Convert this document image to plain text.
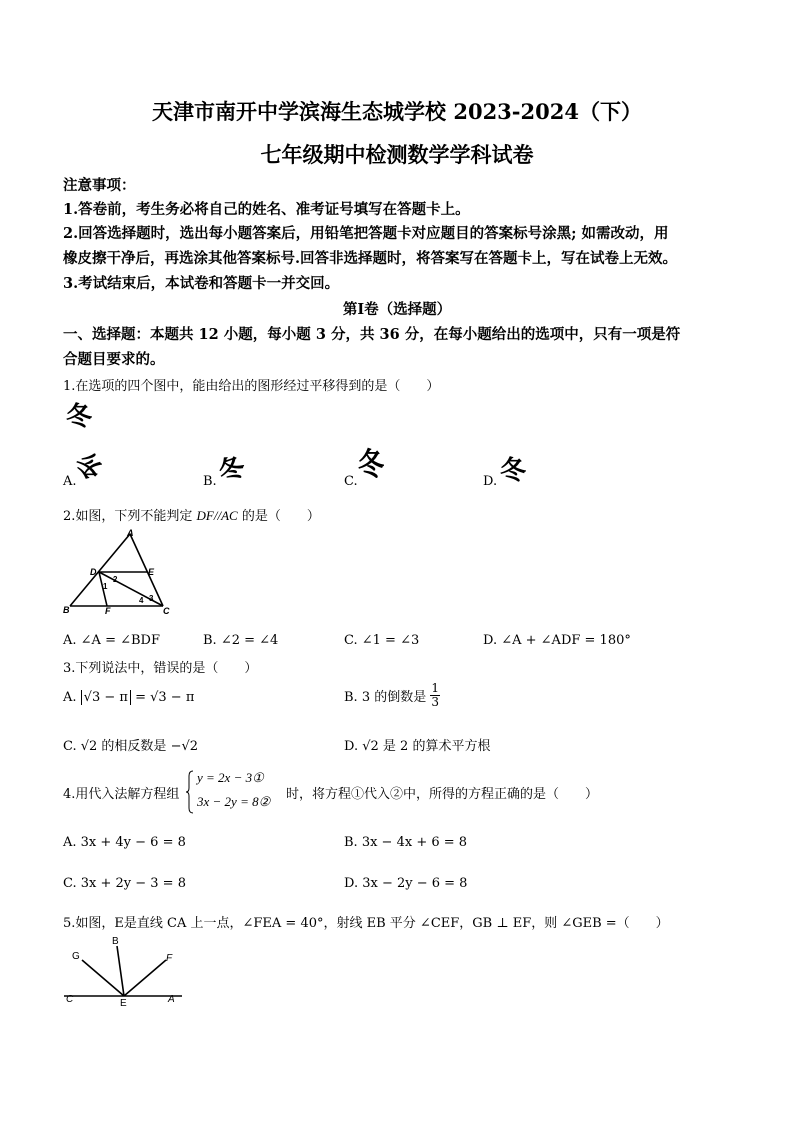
天津市南开中学滨海生态城学校 2023-2024（下）
七年级期中检测数学学科试卷
注意事项：
1.答卷前，考生务必将自己的姓名、准考证号填写在答题卡上。
2.回答选择题时，选出每小题答案后，用铅笔把答题卡对应题目的答案标号涂黑; 如需改动，用
橡皮擦干净后，再选涂其他答案标号.回答非选择题时，将答案写在答题卡上，写在试卷上无效。
3.考试结束后，本试卷和答题卡一并交回。
第Ⅰ卷（选择题）
一、选择题：本题共 12 小题，每小题 3 分，共 36 分，在每小题给出的选项中，只有一项是符
合题目要求的。
1.在选项的四个图中，能由给出的图形经过平移得到的是（　　）
冬
A.
冬
B.
冬	C. 冬	D. 冬
2.如图，下列不能判定 DF//AC 的是（　　）
A
D	E
B	F	C
1
2
3
4
A. ∠A = ∠BDF	B. ∠2 = ∠4	C. ∠1 = ∠3	D. ∠A + ∠ADF = 180°
3.下列说法中，错误的是（　　）
A. √3 − π = √3 − π	B. 3 的倒数是 $\frac{1}{3}$
C. √2 的相反数是 −√2	D. √2 是 2 的算术平方根
4.用代入法解方程组
y = 2x − 3①
3x − 2y = 8② 时，将方程①代入②中，所得的方程正确的是（　　）
A. 3x + 4y − 6 = 8	B. 3x − 4x + 6 = 8
C. 3x + 2y − 3 = 8	D. 3x − 2y − 6 = 8
5.如图，E是直线 CA 上一点，∠FEA = 40°，射线 EB 平分 ∠CEF，GB ⊥ EF，则 ∠GEB =（　　）
G
B
F
C	E	A
